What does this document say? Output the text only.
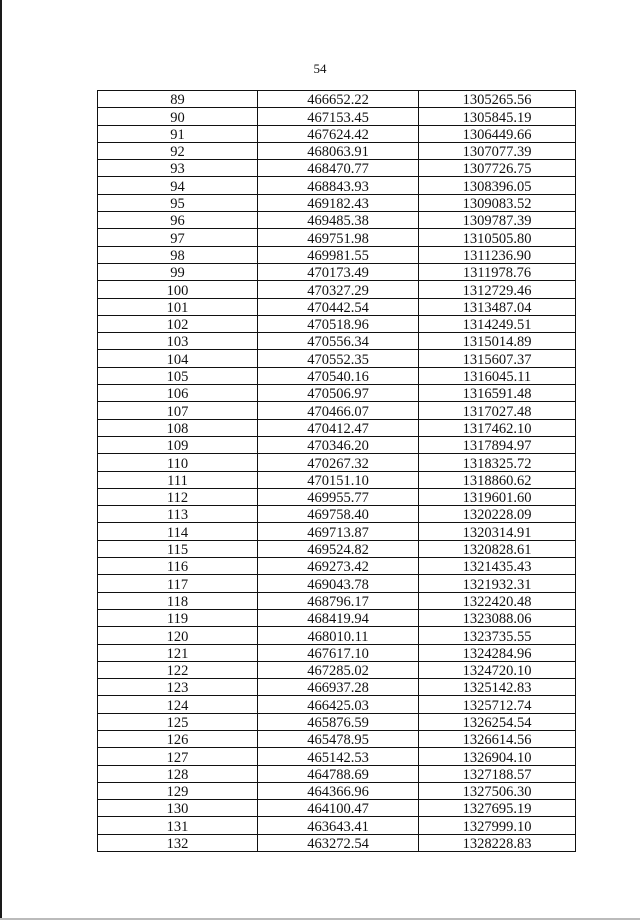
54
89	466652.22	1305265.56
90	467153.45	1305845.19
91	467624.42	1306449.66
92	468063.91	1307077.39
93	468470.77	1307726.75
94	468843.93	1308396.05
95	469182.43	1309083.52
96	469485.38	1309787.39
97	469751.98	1310505.80
98	469981.55	1311236.90
99	470173.49	1311978.76
100	470327.29	1312729.46
101	470442.54	1313487.04
102	470518.96	1314249.51
103	470556.34	1315014.89
104	470552.35	1315607.37
105	470540.16	1316045.11
106	470506.97	1316591.48
107	470466.07	1317027.48
108	470412.47	1317462.10
109	470346.20	1317894.97
110	470267.32	1318325.72
111	470151.10	1318860.62
112	469955.77	1319601.60
113	469758.40	1320228.09
114	469713.87	1320314.91
115	469524.82	1320828.61
116	469273.42	1321435.43
117	469043.78	1321932.31
118	468796.17	1322420.48
119	468419.94	1323088.06
120	468010.11	1323735.55
121	467617.10	1324284.96
122	467285.02	1324720.10
123	466937.28	1325142.83
124	466425.03	1325712.74
125	465876.59	1326254.54
126	465478.95	1326614.56
127	465142.53	1326904.10
128	464788.69	1327188.57
129	464366.96	1327506.30
130	464100.47	1327695.19
131	463643.41	1327999.10
132	463272.54	1328228.83
